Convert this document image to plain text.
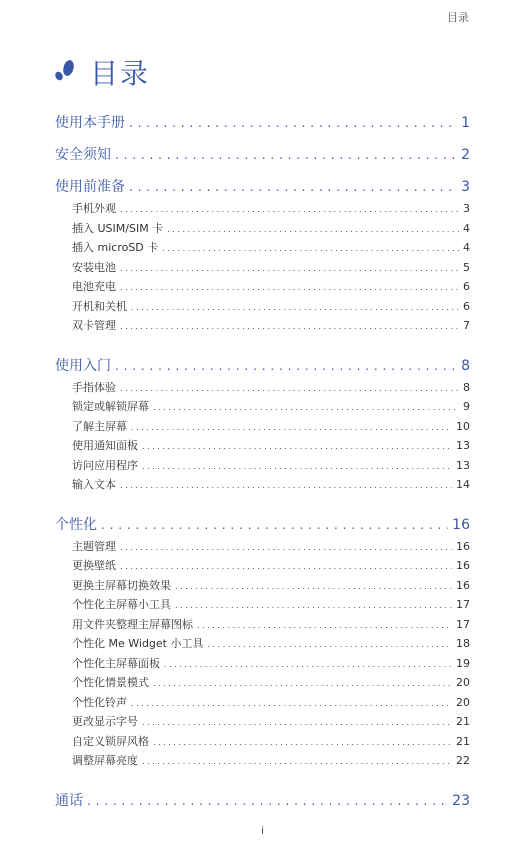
目录
目录
使用本手册 . . .	1
安全须知 . . .	2
使用前准备 . . .	3
手机外观 . . .	3
插入 USIM/SIM 卡 . . .	4
插入 microSD 卡 . . .	4
安装电池 . . .	5
电池充电 . . .	6
开机和关机 . . .	6
双卡管理 . . .	7
使用入门 . . .	8
手指体验 . . .	8
锁定或解锁屏幕 . . .	9
了解主屏幕 . . .	10
使用通知面板 . . .	13
访问应用程序 . . .	13
输入文本 . . .	14
个性化 . . .	16
主题管理 . . .	16
更换壁纸 . . .	16
更换主屏幕切换效果 . . .	16
个性化主屏幕小工具 . . .	17
用文件夹整理主屏幕图标 . . .	17
个性化 Me Widget 小工具 . . .	18
个性化主屏幕面板 . . .	19
个性化情景模式 . . .	20
个性化铃声 . . .	20
更改显示字号 . . .	21
自定义锁屏风格 . . .	21
调整屏幕亮度 . . .	22
通话 . . .	23
i
